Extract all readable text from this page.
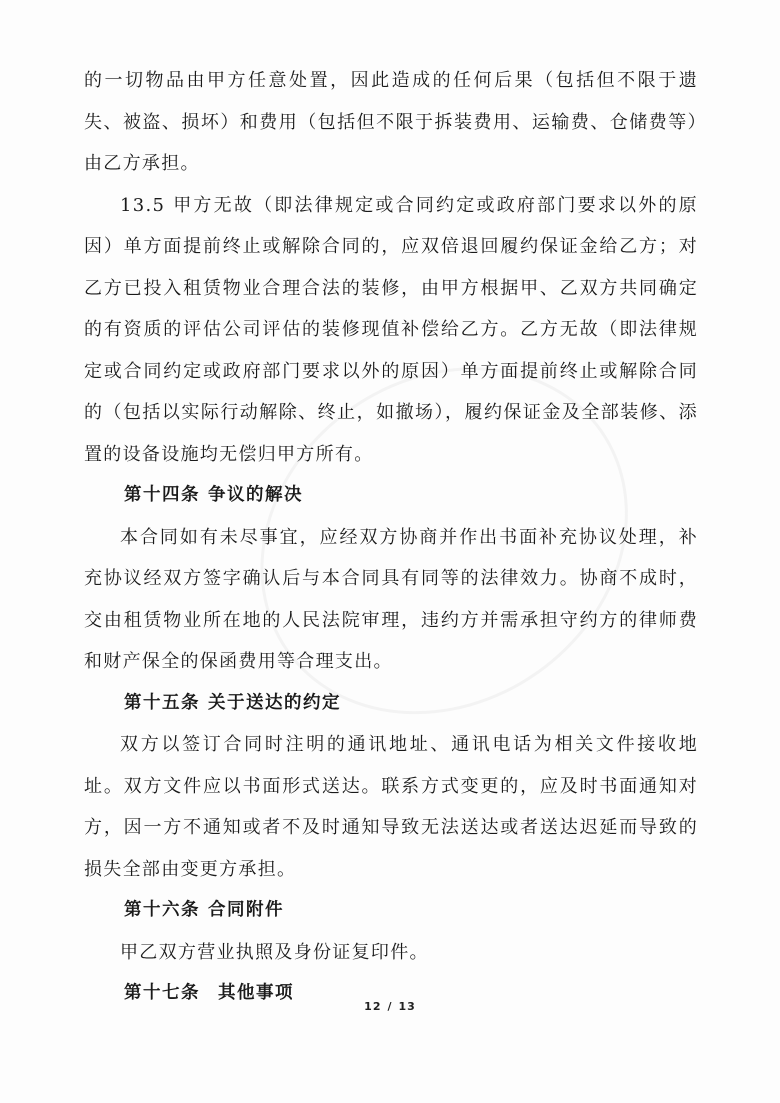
的一切物品由甲方任意处置，因此造成的任何后果（包括但不限于遗失、被盗、损坏）和费用（包括但不限于拆装费用、运输费、仓储费等）由乙方承担。

13.5 甲方无故（即法律规定或合同约定或政府部门要求以外的原因）单方面提前终止或解除合同的，应双倍退回履约保证金给乙方；对乙方已投入租赁物业合理合法的装修，由甲方根据甲、乙双方共同确定的有资质的评估公司评估的装修现值补偿给乙方。乙方无故（即法律规定或合同约定或政府部门要求以外的原因）单方面提前终止或解除合同的（包括以实际行动解除、终止，如撤场），履约保证金及全部装修、添置的设备设施均无偿归甲方所有。

第十四条 争议的解决

本合同如有未尽事宜，应经双方协商并作出书面补充协议处理，补充协议经双方签字确认后与本合同具有同等的法律效力。协商不成时，交由租赁物业所在地的人民法院审理，违约方并需承担守约方的律师费和财产保全的保函费用等合理支出。

第十五条 关于送达的约定

双方以签订合同时注明的通讯地址、通讯电话为相关文件接收地址。双方文件应以书面形式送达。联系方式变更的，应及时书面通知对方，因一方不通知或者不及时通知导致无法送达或者送达迟延而导致的损失全部由变更方承担。

第十六条 合同附件

甲乙双方营业执照及身份证复印件。

第十七条 其他事项

12 / 13
